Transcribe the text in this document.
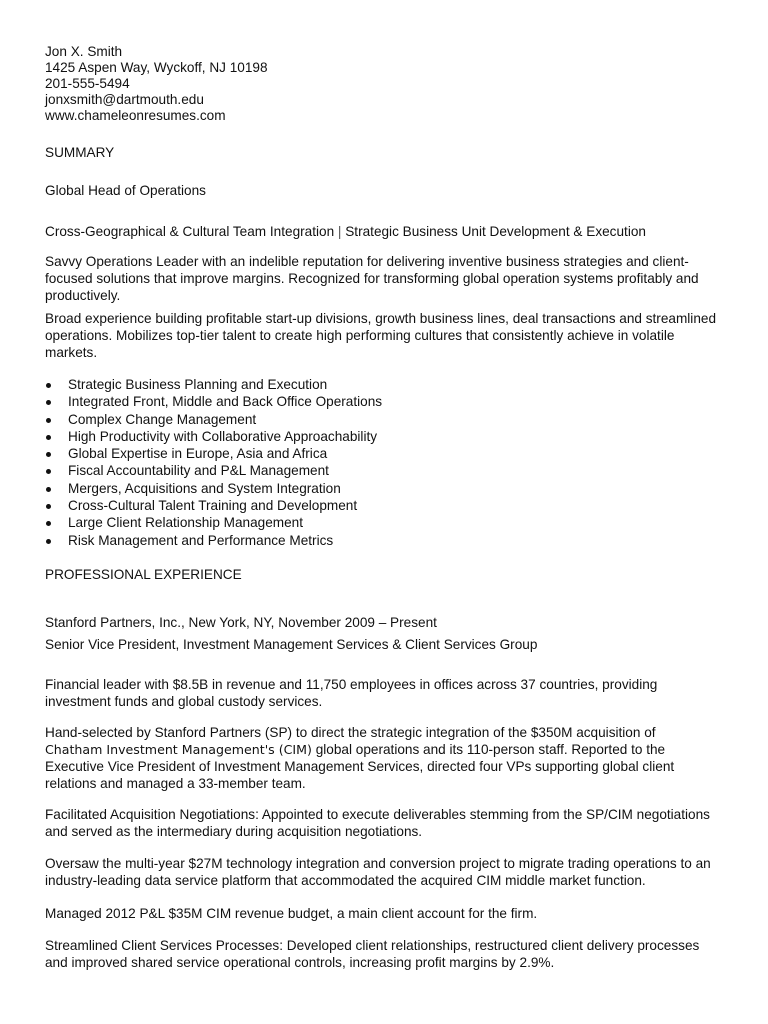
Jon X. Smith
1425 Aspen Way, Wyckoff, NJ 10198
201-555-5494
jonxsmith@dartmouth.edu
www.chameleonresumes.com
SUMMARY
Global Head of Operations
Cross-Geographical & Cultural Team Integration | Strategic Business Unit Development & Execution

Savvy Operations Leader with an indelible reputation for delivering inventive business strategies and client-focused solutions that improve margins. Recognized for transforming global operation systems profitably and productively.

Broad experience building profitable start-up divisions, growth business lines, deal transactions and streamlined operations. Mobilizes top-tier talent to create high performing cultures that consistently achieve in volatile markets.

Strategic Business Planning and Execution
Integrated Front, Middle and Back Office Operations
Complex Change Management
High Productivity with Collaborative Approachability
Global Expertise in Europe, Asia and Africa
Fiscal Accountability and P&L Management
Mergers, Acquisitions and System Integration
Cross-Cultural Talent Training and Development
Large Client Relationship Management
Risk Management and Performance Metrics
PROFESSIONAL EXPERIENCE
Stanford Partners, Inc., New York, NY, November 2009 – Present
Senior Vice President, Investment Management Services & Client Services Group

Financial leader with $8.5B in revenue and 11,750 employees in offices across 37 countries, providing investment funds and global custody services.

Hand-selected by Stanford Partners (SP) to direct the strategic integration of the $350M acquisition of
Chatham Investment Management's (CIM) global operations and its 110-person staff. Reported to the Executive Vice President of Investment Management Services, directed four VPs supporting global client relations and managed a 33-member team.

Facilitated Acquisition Negotiations: Appointed to execute deliverables stemming from the SP/CIM negotiations and served as the intermediary during acquisition negotiations.

Oversaw the multi-year $27M technology integration and conversion project to migrate trading operations to an industry-leading data service platform that accommodated the acquired CIM middle market function.

Managed 2012 P&L $35M CIM revenue budget, a main client account for the firm.

Streamlined Client Services Processes: Developed client relationships, restructured client delivery processes and improved shared service operational controls, increasing profit margins by 2.9%.
